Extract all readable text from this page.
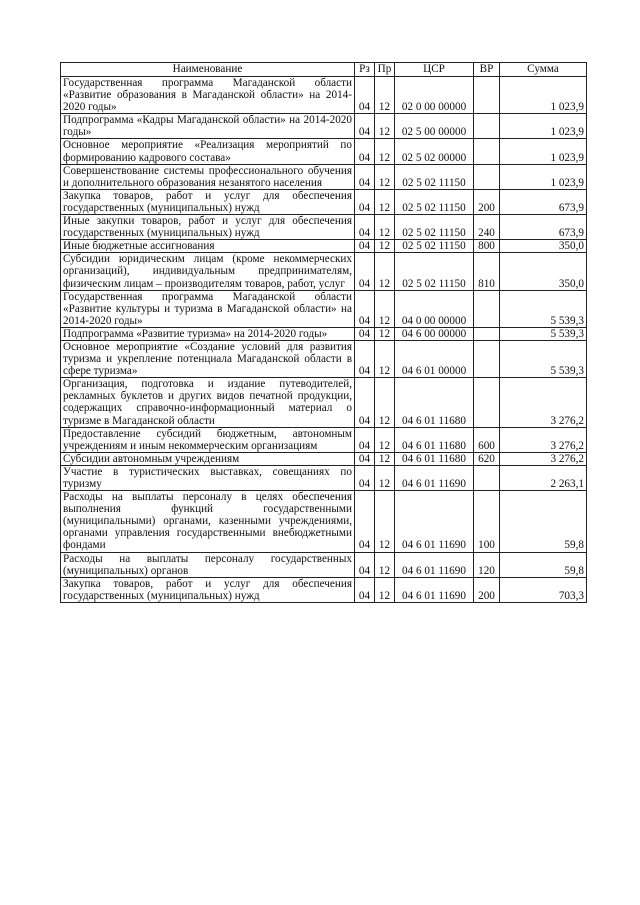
Наименование	Рз	Пр	ЦСР	ВР	Сумма
Государственная программа Магаданской области «Развитие образования в Магаданской области» на 2014-2020 годы»	04	12	02 0 00 00000		1 023,9
Подпрограмма «Кадры Магаданской области» на 2014-2020 годы»	04	12	02 5 00 00000		1 023,9
Основное мероприятие «Реализация мероприятий по формированию кадрового состава»	04	12	02 5 02 00000		1 023,9
Совершенствование системы профессионального обучения и дополнительного образования незанятого населения	04	12	02 5 02 11150		1 023,9
Закупка товаров, работ и услуг для обеспечения государственных (муниципальных) нужд	04	12	02 5 02 11150	200	673,9
Иные закупки товаров, работ и услуг для обеспечения государственных (муниципальных) нужд	04	12	02 5 02 11150	240	673,9
Иные бюджетные ассигнования	04	12	02 5 02 11150	800	350,0
Субсидии юридическим лицам (кроме некоммерческих организаций), индивидуальным предпринимателям, физическим лицам – производителям товаров, работ, услуг	04	12	02 5 02 11150	810	350,0
Государственная программа Магаданской области «Развитие культуры и туризма в Магаданской области» на 2014-2020 годы»	04	12	04 0 00 00000		5 539,3
Подпрограмма «Развитие туризма» на 2014-2020 годы»	04	12	04 6 00 00000		5 539,3
Основное мероприятие «Создание условий для развития туризма и укрепление потенциала Магаданской области в сфере туризма»	04	12	04 6 01 00000		5 539,3
Организация, подготовка и издание путеводителей, рекламных буклетов и других видов печатной продукции, содержащих справочно-информационный материал о туризме в Магаданской области	04	12	04 6 01 11680		3 276,2
Предоставление субсидий бюджетным, автономным учреждениям и иным некоммерческим организациям	04	12	04 6 01 11680	600	3 276,2
Субсидии автономным учреждениям	04	12	04 6 01 11680	620	3 276,2
Участие в туристических выставках, совещаниях по туризму	04	12	04 6 01 11690		2 263,1
Расходы на выплаты персоналу в целях обеспечения выполнения функций государственными (муниципальными) органами, казенными учреждениями, органами управления государственными внебюджетными фондами	04	12	04 6 01 11690	100	59,8
Расходы на выплаты персоналу государственных (муниципальных) органов	04	12	04 6 01 11690	120	59,8
Закупка товаров, работ и услуг для обеспечения государственных (муниципальных) нужд	04	12	04 6 01 11690	200	703,3
